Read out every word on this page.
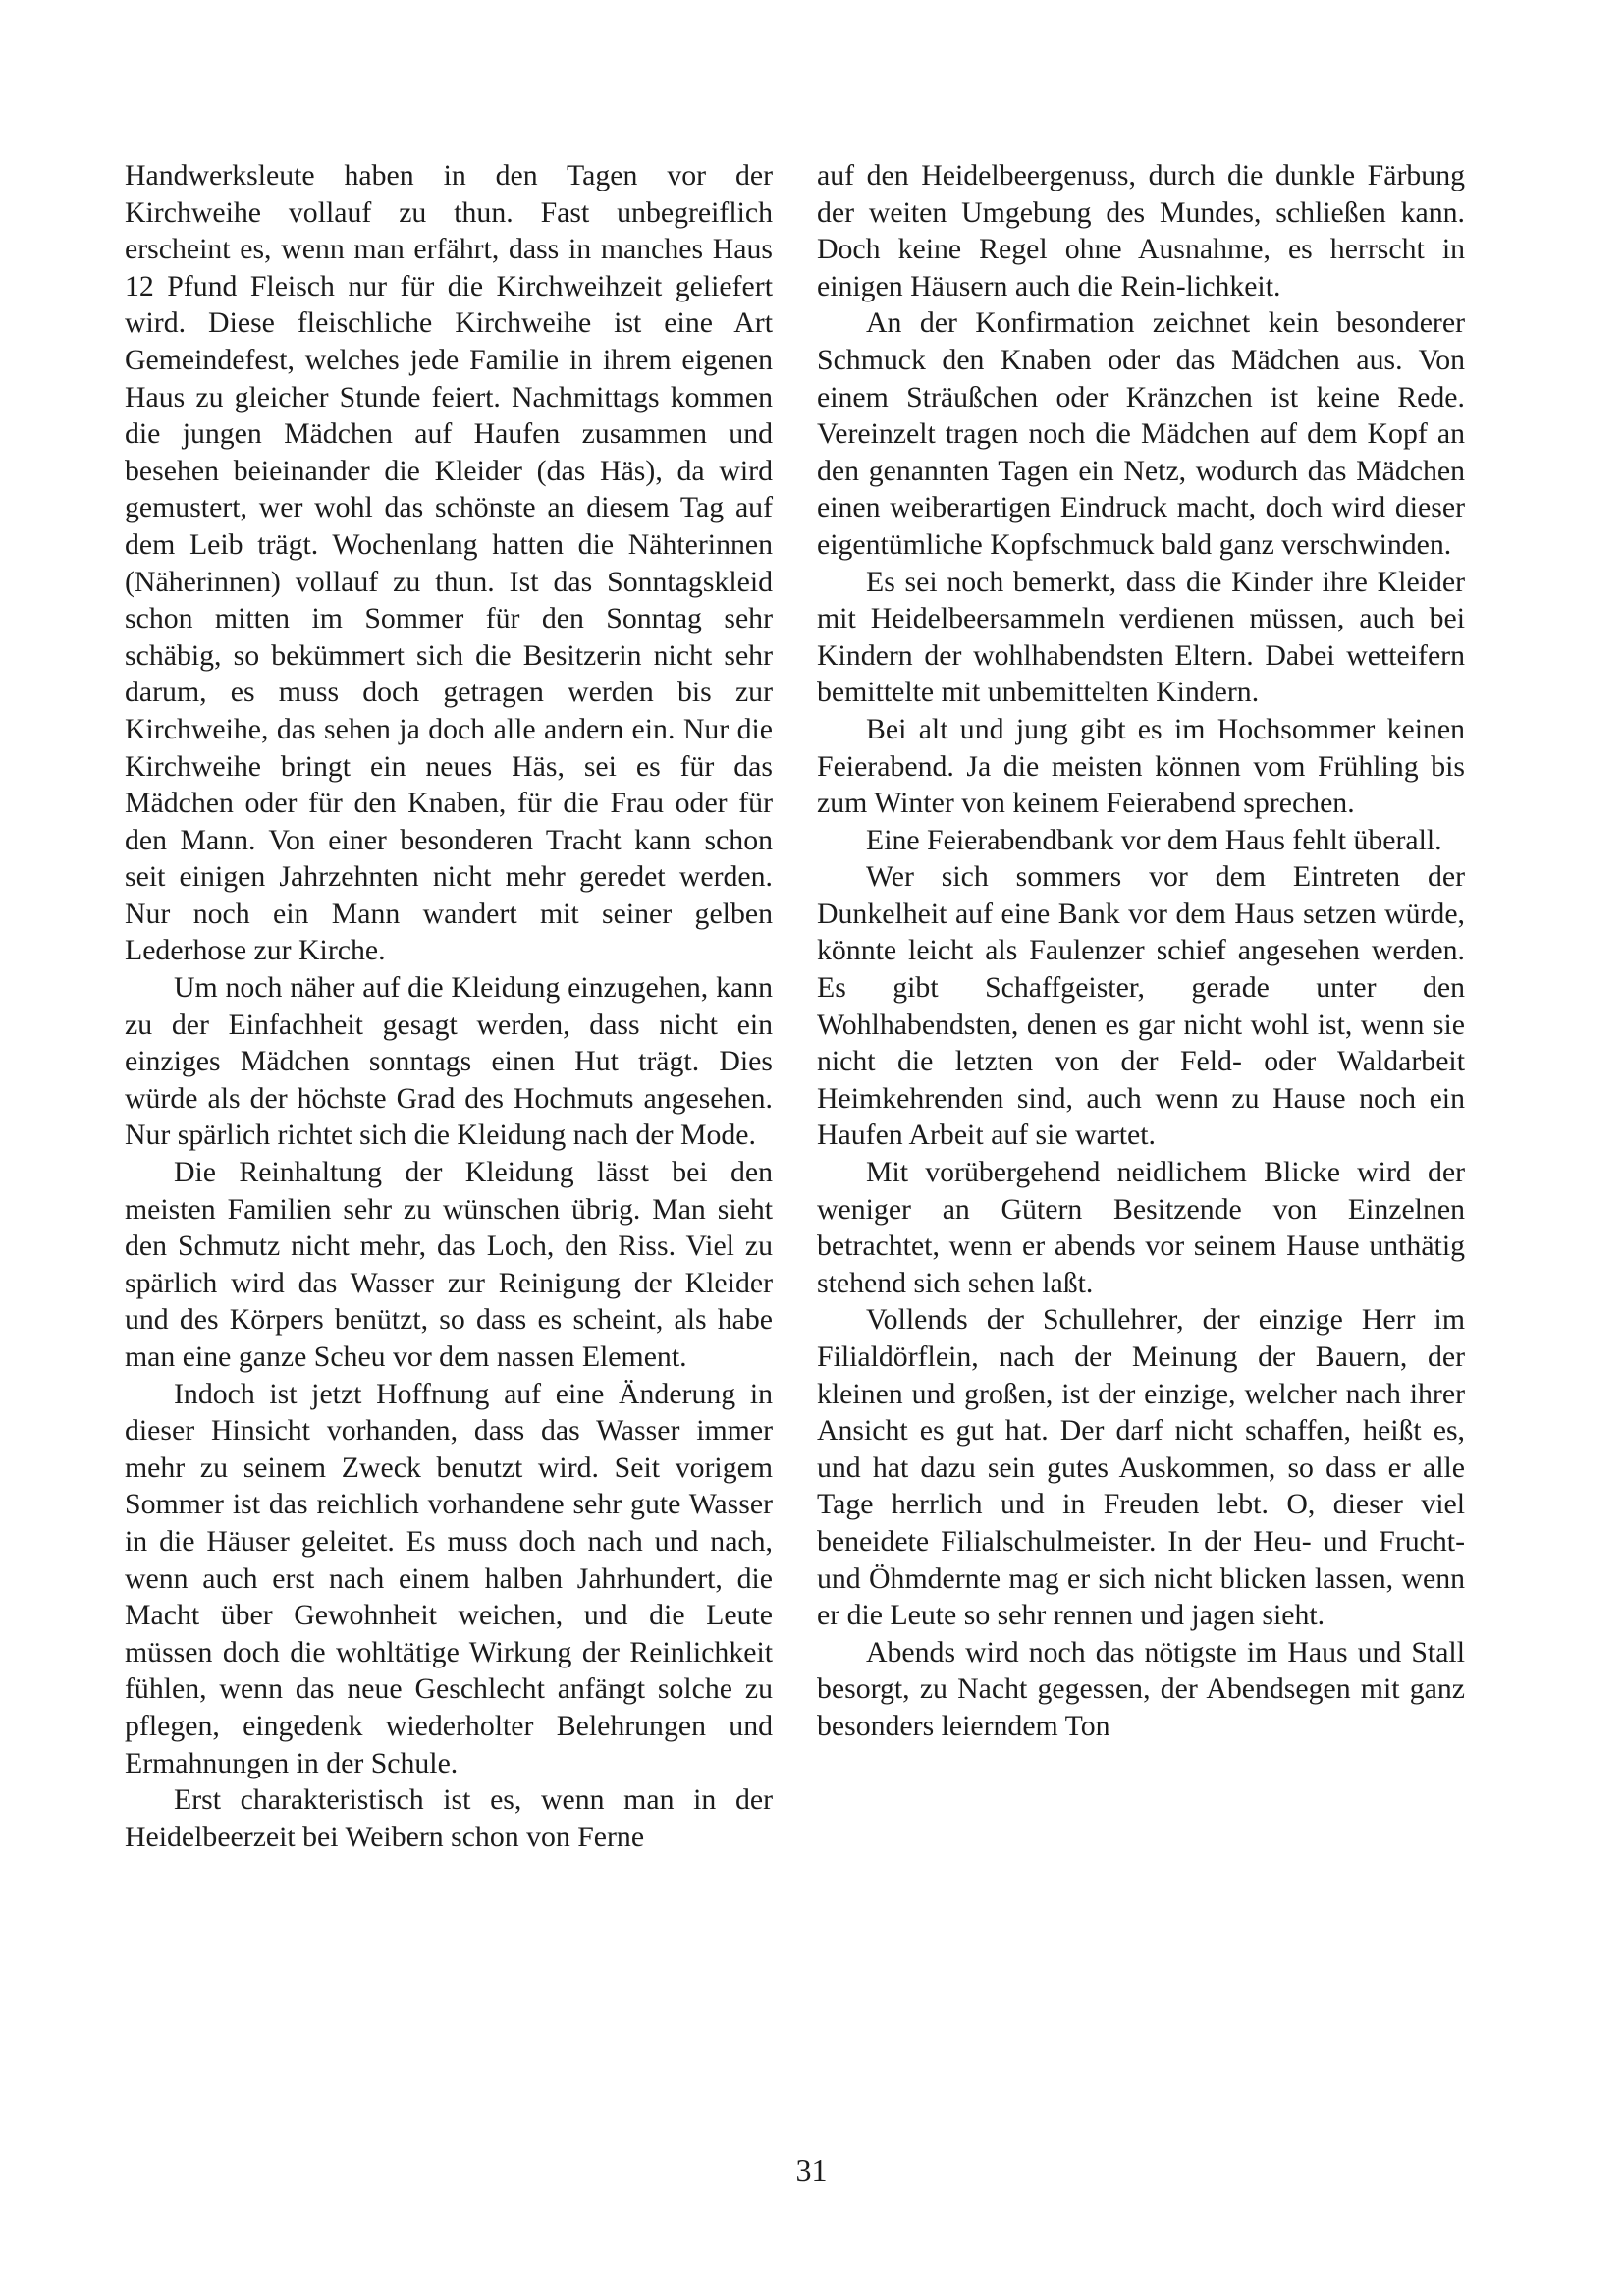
Handwerksleute haben in den Tagen vor der Kirchweihe vollauf zu thun. Fast unbegreiflich erscheint es, wenn man erfährt, dass in manches Haus 12 Pfund Fleisch nur für die Kirchweihzeit geliefert wird. Diese fleischliche Kirchweihe ist eine Art Gemeindefest, welches jede Familie in ihrem eigenen Haus zu gleicher Stunde feiert. Nachmittags kommen die jungen Mädchen auf Haufen zusammen und besehen beieinander die Kleider (das Häs), da wird gemustert, wer wohl das schönste an diesem Tag auf dem Leib trägt. Wochenlang hatten die Nähterinnen (Näherinnen) vollauf zu thun. Ist das Sonntagskleid schon mitten im Sommer für den Sonntag sehr schäbig, so bekümmert sich die Besitzerin nicht sehr darum, es muss doch getragen werden bis zur Kirchweihe, das sehen ja doch alle andern ein. Nur die Kirchweihe bringt ein neues Häs, sei es für das Mädchen oder für den Knaben, für die Frau oder für den Mann. Von einer besonderen Tracht kann schon seit einigen Jahrzehnten nicht mehr geredet werden. Nur noch ein Mann wandert mit seiner gelben Lederhose zur Kirche.

Um noch näher auf die Kleidung einzugehen, kann zu der Einfachheit gesagt werden, dass nicht ein einziges Mädchen sonntags einen Hut trägt. Dies würde als der höchste Grad des Hochmuts angesehen. Nur spärlich richtet sich die Kleidung nach der Mode.

Die Reinhaltung der Kleidung lässt bei den meisten Familien sehr zu wünschen übrig. Man sieht den Schmutz nicht mehr, das Loch, den Riss. Viel zu spärlich wird das Wasser zur Reinigung der Kleider und des Körpers benützt, so dass es scheint, als habe man eine ganze Scheu vor dem nassen Element.

Indoch ist jetzt Hoffnung auf eine Änderung in dieser Hinsicht vorhanden, dass das Wasser immer mehr zu seinem Zweck benutzt wird. Seit vorigem Sommer ist das reichlich vorhandene sehr gute Wasser in die Häuser geleitet. Es muss doch nach und nach, wenn auch erst nach einem halben Jahrhundert, die Macht über Gewohnheit weichen, und die Leute müssen doch die wohltätige Wirkung der Reinlichkeit fühlen, wenn das neue Geschlecht anfängt solche zu pflegen, eingedenk wiederholter Belehrungen und Ermahnungen in der Schule.

Erst charakteristisch ist es, wenn man in der Heidelbeerzeit bei Weibern schon von Ferne

auf den Heidelbeergenuss, durch die dunkle Färbung der weiten Umgebung des Mundes, schließen kann. Doch keine Regel ohne Ausnahme, es herrscht in einigen Häusern auch die Rein-lichkeit.

An der Konfirmation zeichnet kein besonderer Schmuck den Knaben oder das Mädchen aus. Von einem Sträußchen oder Kränzchen ist keine Rede. Vereinzelt tragen noch die Mädchen auf dem Kopf an den genannten Tagen ein Netz, wodurch das Mädchen einen weiberartigen Eindruck macht, doch wird dieser eigentümliche Kopfschmuck bald ganz verschwinden.

Es sei noch bemerkt, dass die Kinder ihre Kleider mit Heidelbeersammeln verdienen müssen, auch bei Kindern der wohlhabendsten Eltern. Dabei wetteifern bemittelte mit unbemittelten Kindern.

Bei alt und jung gibt es im Hochsommer keinen Feierabend. Ja die meisten können vom Frühling bis zum Winter von keinem Feierabend sprechen.

Eine Feierabendbank vor dem Haus fehlt überall.

Wer sich sommers vor dem Eintreten der Dunkelheit auf eine Bank vor dem Haus setzen würde, könnte leicht als Faulenzer schief angesehen werden. Es gibt Schaffgeister, gerade unter den Wohlhabendsten, denen es gar nicht wohl ist, wenn sie nicht die letzten von der Feld- oder Waldarbeit Heimkehrenden sind, auch wenn zu Hause noch ein Haufen Arbeit auf sie wartet.

Mit vorübergehend neidlichem Blicke wird der weniger an Gütern Besitzende von Einzelnen betrachtet, wenn er abends vor seinem Hause unthätig stehend sich sehen laßt.

Vollends der Schullehrer, der einzige Herr im Filialdörflein, nach der Meinung der Bauern, der kleinen und großen, ist der einzige, welcher nach ihrer Ansicht es gut hat. Der darf nicht schaffen, heißt es, und hat dazu sein gutes Auskommen, so dass er alle Tage herrlich und in Freuden lebt. O, dieser viel beneidete Filialschulmeister. In der Heu- und Frucht- und Öhmdernte mag er sich nicht blicken lassen, wenn er die Leute so sehr rennen und jagen sieht.

Abends wird noch das nötigste im Haus und Stall besorgt, zu Nacht gegessen, der Abendsegen mit ganz besonders leierndem Ton

31
